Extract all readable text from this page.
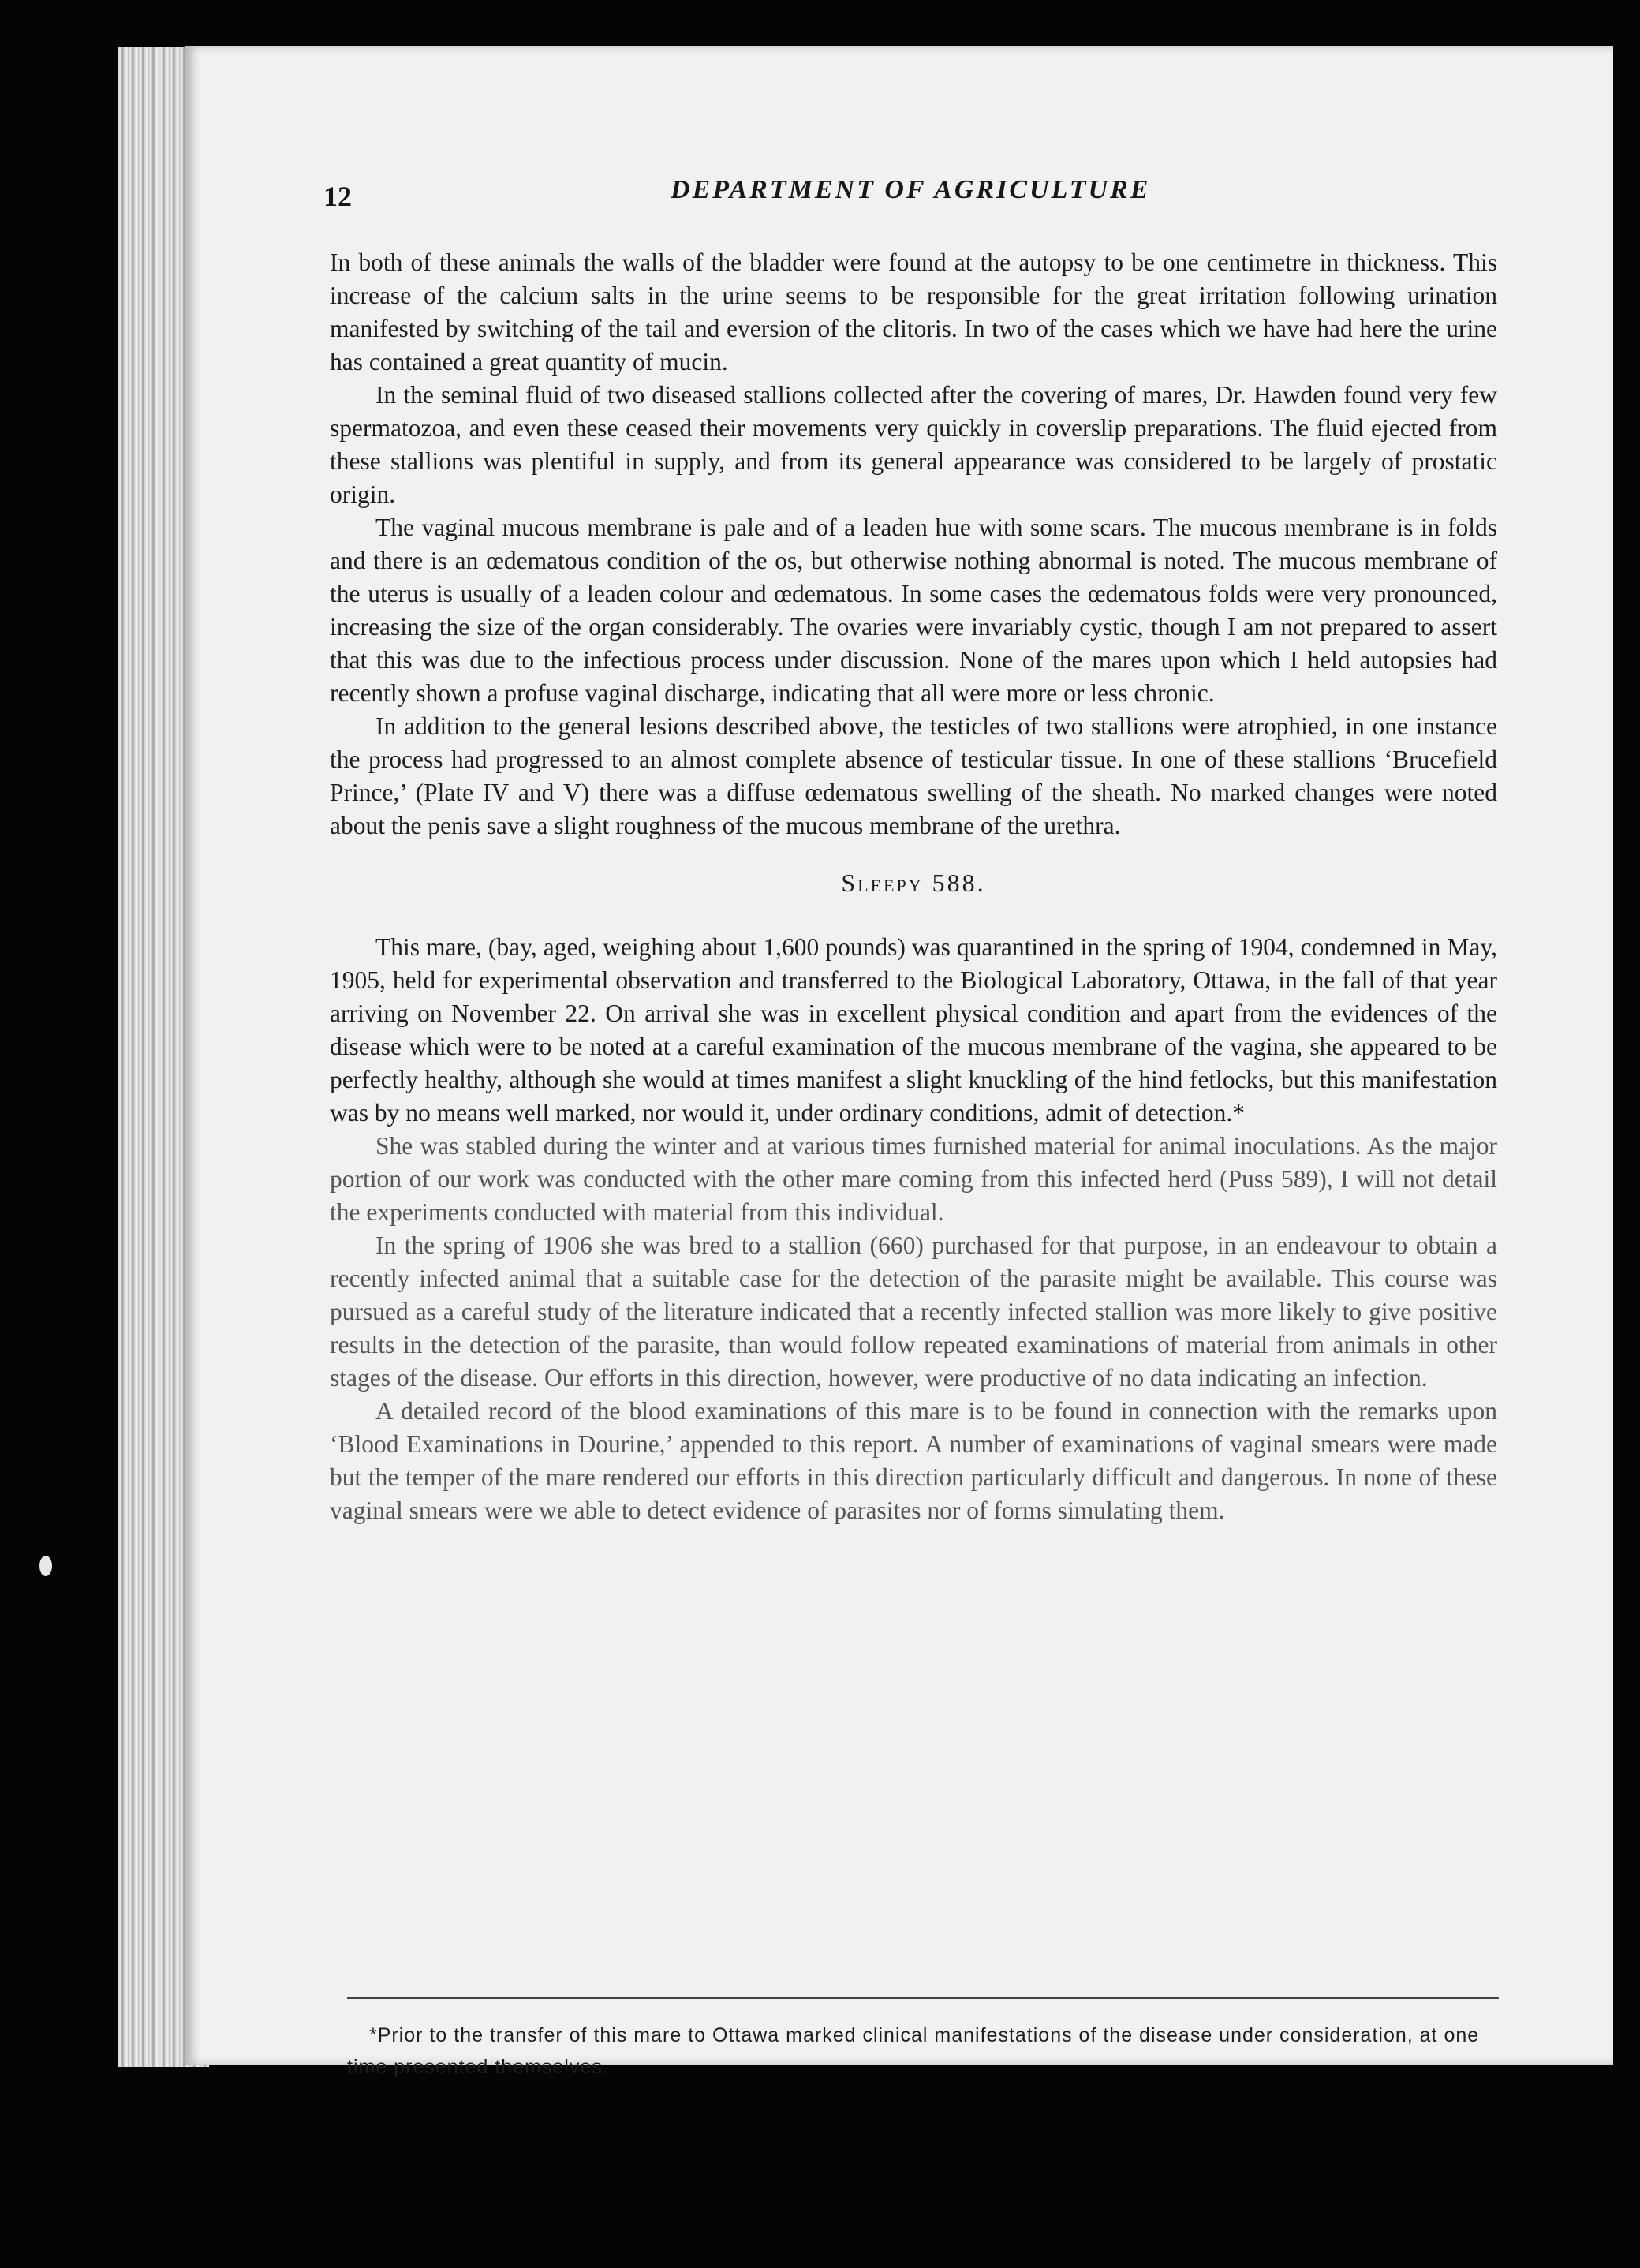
12	DEPARTMENT OF AGRICULTURE

In both of these animals the walls of the bladder were found at the autopsy to be one centimetre in thickness. This increase of the calcium salts in the urine seems to be responsible for the great irritation following urination manifested by switching of the tail and eversion of the clitoris. In two of the cases which we have had here the urine has contained a great quantity of mucin.

In the seminal fluid of two diseased stallions collected after the covering of mares, Dr. Hawden found very few spermatozoa, and even these ceased their movements very quickly in coverslip preparations. The fluid ejected from these stallions was plentiful in supply, and from its general appearance was considered to be largely of prostatic origin.

The vaginal mucous membrane is pale and of a leaden hue with some scars. The mucous membrane is in folds and there is an œdematous condition of the os, but otherwise nothing abnormal is noted. The mucous membrane of the uterus is usually of a leaden colour and œdematous. In some cases the œdematous folds were very pronounced, increasing the size of the organ considerably. The ovaries were invariably cystic, though I am not prepared to assert that this was due to the infectious process under discussion. None of the mares upon which I held autopsies had recently shown a profuse vaginal discharge, indicating that all were more or less chronic.

In addition to the general lesions described above, the testicles of two stallions were atrophied, in one instance the process had progressed to an almost complete absence of testicular tissue. In one of these stallions ‘Brucefield Prince,’ (Plate IV and V) there was a diffuse œdematous swelling of the sheath. No marked changes were noted about the penis save a slight roughness of the mucous membrane of the urethra.

Sleepy 588.

This mare, (bay, aged, weighing about 1,600 pounds) was quarantined in the spring of 1904, condemned in May, 1905, held for experimental observation and transferred to the Biological Laboratory, Ottawa, in the fall of that year arriving on November 22. On arrival she was in excellent physical condition and apart from the evidences of the disease which were to be noted at a careful examination of the mucous membrane of the vagina, she appeared to be perfectly healthy, although she would at times manifest a slight knuckling of the hind fetlocks, but this manifestation was by no means well marked, nor would it, under ordinary conditions, admit of detection.*

She was stabled during the winter and at various times furnished material for animal inoculations. As the major portion of our work was conducted with the other mare coming from this infected herd (Puss 589), I will not detail the experiments conducted with material from this individual.

In the spring of 1906 she was bred to a stallion (660) purchased for that purpose, in an endeavour to obtain a recently infected animal that a suitable case for the detection of the parasite might be available. This course was pursued as a careful study of the literature indicated that a recently infected stallion was more likely to give positive results in the detection of the parasite, than would follow repeated examinations of material from animals in other stages of the disease. Our efforts in this direction, however, were productive of no data indicating an infection.

A detailed record of the blood examinations of this mare is to be found in connection with the remarks upon ‘Blood Examinations in Dourine,’ appended to this report. A number of examinations of vaginal smears were made but the temper of the mare rendered our efforts in this direction particularly difficult and dangerous. In none of these vaginal smears were we able to detect evidence of parasites nor of forms simulating them.

*Prior to the transfer of this mare to Ottawa marked clinical manifestations of the disease under consideration, at one time presented themselves.
